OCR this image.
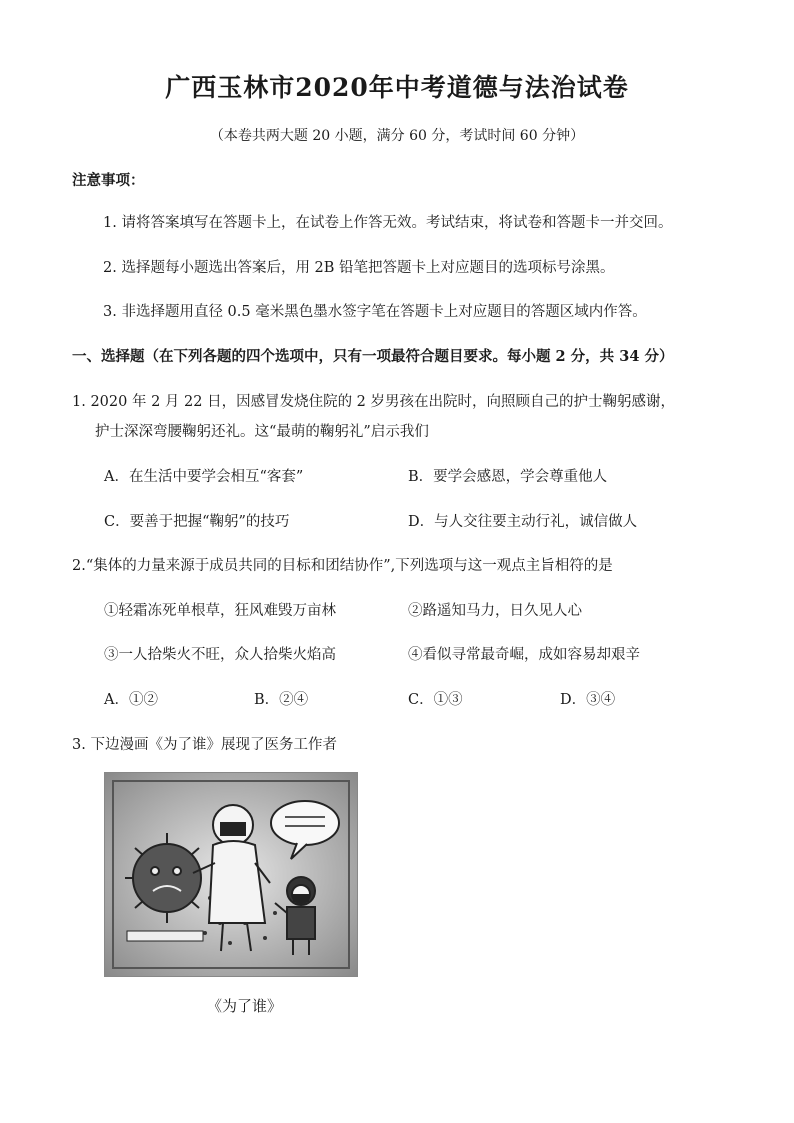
广西玉林市2020年中考道德与法治试卷
（本卷共两大题 20 小题，满分 60 分，考试时间 60 分钟）
注意事项：
1. 请将答案填写在答题卡上，在试卷上作答无效。考试结束，将试卷和答题卡一并交回。
2. 选择题每小题选出答案后，用 2B 铅笔把答题卡上对应题目的选项标号涂黑。
3. 非选择题用直径 0.5 毫米黑色墨水签字笔在答题卡上对应题目的答题区域内作答。
一、选择题（在下列各题的四个选项中，只有一项最符合题目要求。每小题 2 分，共 34 分）
1. 2020 年 2 月 22 日，因感冒发烧住院的 2 岁男孩在出院时，向照顾自己的护士鞠躬感谢，
护士深深弯腰鞠躬还礼。这“最萌的鞠躬礼”启示我们
A．在生活中要学会相互“客套”	B．要学会感恩，学会尊重他人
C．要善于把握“鞠躬”的技巧	D．与人交往要主动行礼，诚信做人
2.“集体的力量来源于成员共同的目标和团结协作”,下列选项与这一观点主旨相符的是
①轻霜冻死单根草，狂风难毁万亩林	②路遥知马力，日久见人心
③一人拾柴火不旺，众人拾柴火焰高	④看似寻常最奇崛，成如容易却艰辛
A．①②	B．②④	C．①③	D．③④
3. 下边漫画《为了谁》展现了医务工作者
《为了谁》
